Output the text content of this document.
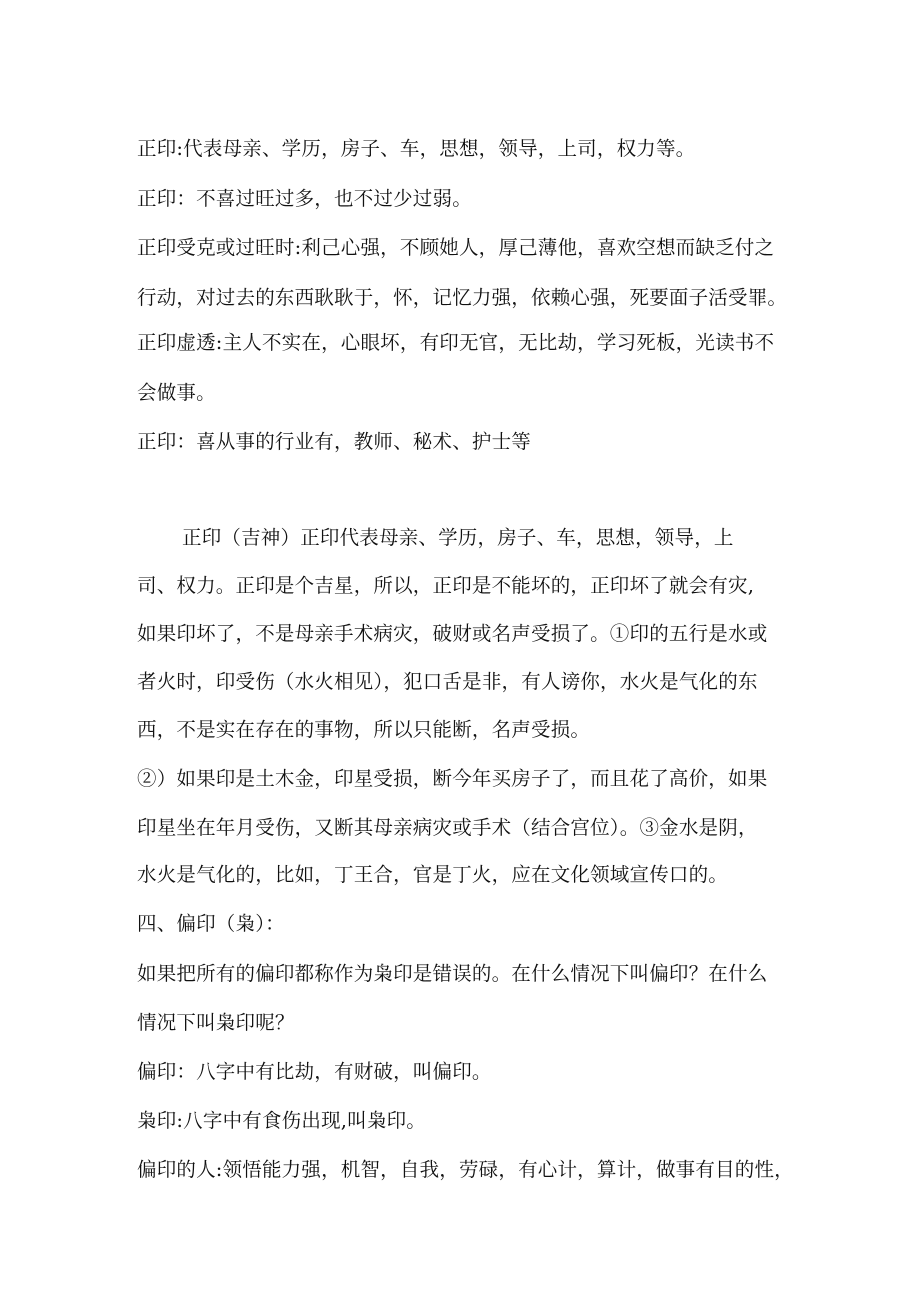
正印:代表母亲、学历，房子、车，思想，领导，上司，权力等。
正印：不喜过旺过多，也不过少过弱。
正印受克或过旺时:利己心强，不顾她人，厚己薄他，喜欢空想而缺乏付之
行动，对过去的东西耿耿于，怀，记忆力强，依赖心强，死要面子活受罪。
正印虚透:主人不实在，心眼坏，有印无官，无比劫，学习死板，光读书不
会做事。
正印：喜从事的行业有，教师、秘术、护士等
正印（吉神）正印代表母亲、学历，房子、车，思想，领导，上
司、权力。正印是个吉星，所以，正印是不能坏的，正印坏了就会有灾,
如果印坏了，不是母亲手术病灾，破财或名声受损了。①印的五行是水或
者火时，印受伤（水火相见），犯口舌是非，有人谤你，水火是气化的东
西，不是实在存在的事物，所以只能断，名声受损。
②）如果印是土木金，印星受损，断今年买房子了，而且花了高价，如果
印星坐在年月受伤，又断其母亲病灾或手术（结合宫位）。③金水是阴，
水火是气化的，比如，丁王合，官是丁火，应在文化领域宣传口的。
四、偏印（枭）：
如果把所有的偏印都称作为枭印是错误的。在什么情况下叫偏印？在什么
情况下叫枭印呢？
偏印：八字中有比劫，有财破，叫偏印。
枭印:八字中有食伤出现,叫枭印。
偏印的人:领悟能力强，机智，自我，劳碌，有心计，算计，做事有目的性，
